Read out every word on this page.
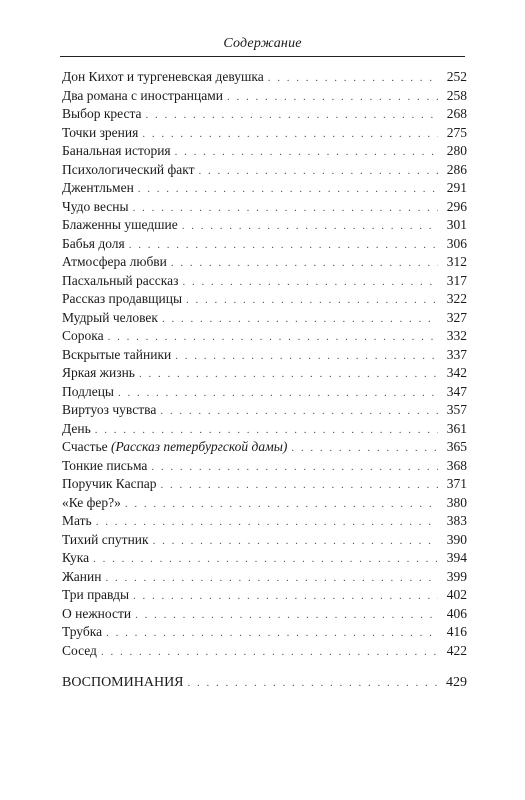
Содержание
Дон Кихот и тургеневская девушка . . .	252
Два романа с иностранцами . . .	258
Выбор креста . . .	268
Точки зрения . . .	275
Банальная история . . .	280
Психологический факт . . .	286
Джентльмен . . .	291
Чудо весны . . .	296
Блаженны ушедшие . . .	301
Бабья доля . . .	306
Атмосфера любви . . .	312
Пасхальный рассказ . . .	317
Рассказ продавщицы . . .	322
Мудрый человек . . .	327
Сорока . . .	332
Вскрытые тайники . . .	337
Яркая жизнь . . .	342
Подлецы . . .	347
Виртуоз чувства . . .	357
День . . .	361
Счастье (Рассказ петербургской дамы) . . .	365
Тонкие письма . . .	368
Поручик Каспар . . .	371
«Ке фер?» . . .	380
Мать . . .	383
Тихий спутник . . .	390
Кука . . .	394
Жанин . . .	399
Три правды . . .	402
О нежности . . .	406
Трубка . . .	416
Сосед . . .	422
ВОСПОМИНАНИЯ . . .	429
